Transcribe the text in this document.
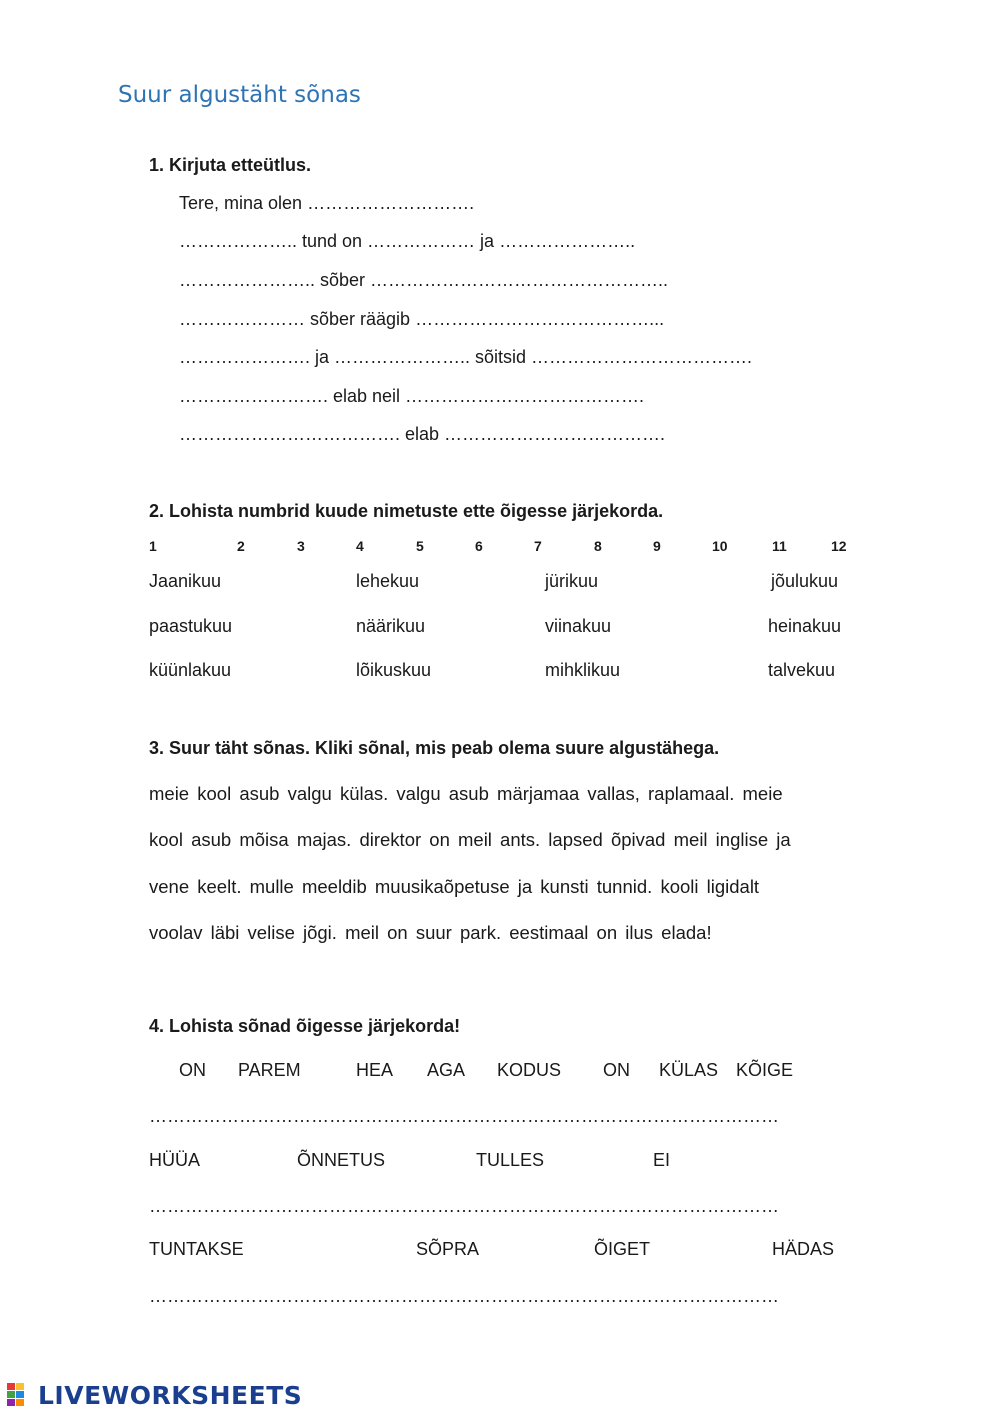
Suur algustäht sõnas
1. Kirjuta etteütlus.
Tere, mina olen ……………………….
……………….. tund on ……………… ja …………………..
………………….. sõber …………………………………………..
………………… sõber räägib …………………………………...
…………………. ja ………………….. sõitsid ……………………………….
……………………. elab neil ………………………………….
………………………………. elab ……………………………….
2. Lohista numbrid kuude nimetuste ette õigesse järjekorda.
1	2	3	4	5	6	7	8	9	10	11	12
Jaanikuu	lehekuu	jürikuu	jõulukuu
paastukuu	näärikuu	viinakuu	heinakuu
küünlakuu	lõikuskuu	mihklikuu	talvekuu
3. Suur täht sõnas. Kliki sõnal, mis peab olema suure algustähega.
meie kool asub valgu külas. valgu asub märjamaa vallas, raplamaal. meie
kool asub mõisa majas. direktor on meil ants. lapsed õpivad meil inglise ja
vene keelt. mulle meeldib muusikaõpetuse ja kunsti tunnid. kooli ligidalt
voolav läbi velise jõgi. meil on suur park. eestimaal on ilus elada!
4. Lohista sõnad õigesse järjekorda!
ON PAREM	HEA AGA KODUS ON KÜLAS KÕIGE
……………………………………………………………………………………………
HÜÜA	ÕNNETUS	TULLES	EI
……………………………………………………………………………………………
TUNTAKSE	SÕPRA	ÕIGET	HÄDAS
……………………………………………………………………………………………
LIVEWORKSHEETS
